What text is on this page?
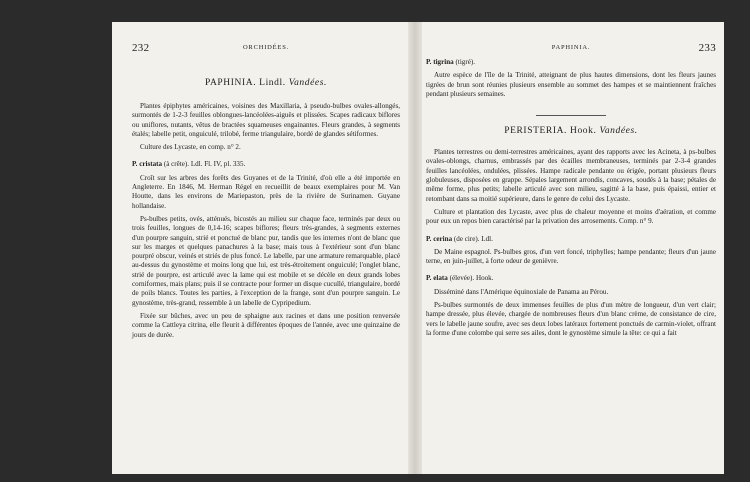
232	ORCHIDÉES.
PAPHINIA. Lindl. Vandées.

Plantes épiphytes américaines, voisines des Maxillaria, à pseudo-bulbes ovales-allongés, surmontés de 1-2-3 feuilles oblongues-lancéolées-aiguës et plissées. Scapes radicaux biflores ou uniflores, nutants, vêtus de bractées squameuses engainantes. Fleurs grandes, à segments étalés; labelle petit, onguiculé, trilobé, ferme triangulaire, bordé de glandes sétiformes.

Culture des Lycaste, en comp. n° 2.

P. cristata (à crête). Ldl. Fl. IV, pl. 335.

Croît sur les arbres des forêts des Guyanes et de la Trinité, d'où elle a été importée en Angleterre. En 1846, M. Herman Régel en recueillit de beaux exemplaires pour M. Van Houtte, dans les environs de Mariepaston, près de la rivière de Surinamen. Guyane hollandaise.

Ps-bulbes petits, ovés, atténués, bicostés au milieu sur chaque face, terminés par deux ou trois feuilles, longues de 0,14-16; scapes biflores; fleurs très-grandes, à segments externes d'un pourpre sanguin, strié et ponctué de blanc pur, tandis que les internes n'ont de blanc que sur les marges et quelques panachures à la base; mais tous à l'extérieur sont d'un blanc pourpré obscur, veinés et striés de plus foncé. Le labelle, par une armature remarquable, placé au-dessus du gynostème et moins long que lui, est très-étroitement onguiculé; l'onglet blanc, strié de pourpre, est articulé avec la lame qui est mobile et se décèle en deux grands lobes corniformes, mais plans; puis il se contracte pour former un disque cucullé, triangulaire, bordé de poils blancs. Toutes les parties, à l'exception de la frange, sont d'un pourpre sanguin. Le gynostème, très-grand, ressemble à un labelle de Cypripedium.

Fixée sur bûches, avec un peu de sphaigne aux racines et dans une position renversée comme la Cattleya citrina, elle fleurit à différentes époques de l'année, avec une quinzaine de jours de durée.

PAPHINIA.	233

P. tigrina (tigré).

Autre espèce de l'île de la Trinité, atteignant de plus hautes dimensions, dont les fleurs jaunes tigrées de brun sont réunies plusieurs ensemble au sommet des hampes et se maintiennent fraîches pendant plusieurs semaines.

PERISTERIA. Hook. Vandées.

Plantes terrestres ou demi-terrestres américaines, ayant des rapports avec les Acineta, à ps-bulbes ovales-oblongs, charnus, embrassés par des écailles membraneuses, terminés par 2-3-4 grandes feuilles lancéolées, ondulées, plissées. Hampe radicale pendante ou érigée, portant plusieurs fleurs globuleuses, disposées en grappe. Sépales largement arrondis, concaves, soudés à la base; pétales de même forme, plus petits; labelle articulé avec son milieu, sagitté à la base, puis épaissi, entier et retombant dans sa moitié supérieure, dans le genre de celui des Lycaste.

Culture et plantation des Lycaste, avec plus de chaleur moyenne et moins d'aération, et comme pour eux un repos bien caractérisé par la privation des arrosements. Comp. n° 9.

P. cerina (de cire). Ldl.

De Maine espagnol. Ps-bulbes gros, d'un vert foncé, triphylles; hampe pendante; fleurs d'un jaune terne, en juin-juillet, à forte odeur de genièvre.

P. elata (élevée). Hook.

Disséminé dans l'Amérique équinoxiale de Panama au Pérou.

Ps-bulbes surmontés de deux immenses feuilles de plus d'un mètre de longueur, d'un vert clair; hampe dressée, plus élevée, chargée de nombreuses fleurs d'un blanc crème, de consistance de cire, vers le labelle jaune soufre, avec ses deux lobes latéraux fortement ponctués de carmin-violet, offrant la forme d'une colombe qui serre ses ailes, dont le gynostème simule la tête: ce qui a fait
